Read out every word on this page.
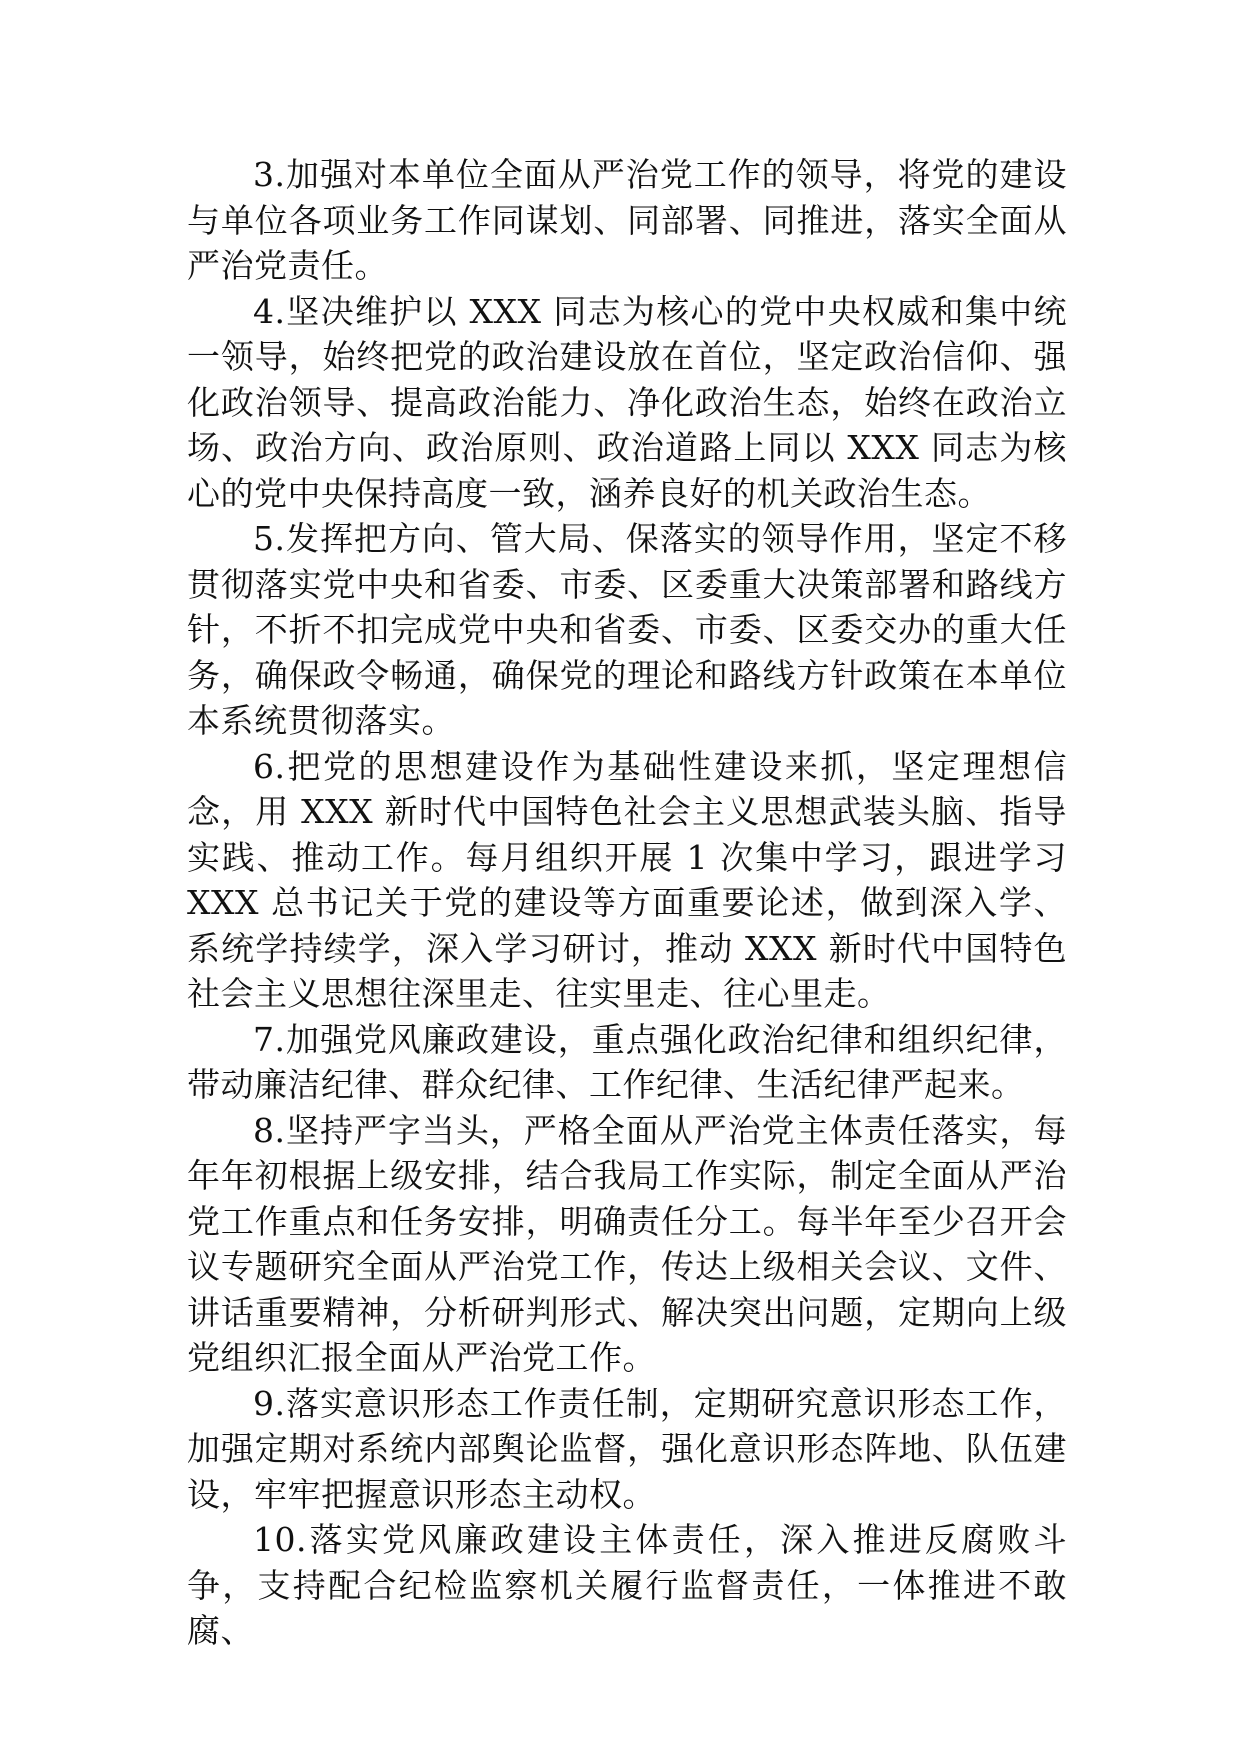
3.加强对本单位全面从严治党工作的领导，将党的建设与单位各项业务工作同谋划、同部署、同推进，落实全面从严治党责任。

4.坚决维护以 XXX 同志为核心的党中央权威和集中统一领导，始终把党的政治建设放在首位，坚定政治信仰、强化政治领导、提高政治能力、净化政治生态，始终在政治立场、政治方向、政治原则、政治道路上同以 XXX 同志为核心的党中央保持高度一致，涵养良好的机关政治生态。

5.发挥把方向、管大局、保落实的领导作用，坚定不移贯彻落实党中央和省委、市委、区委重大决策部署和路线方针，不折不扣完成党中央和省委、市委、区委交办的重大任务，确保政令畅通，确保党的理论和路线方针政策在本单位本系统贯彻落实。

6.把党的思想建设作为基础性建设来抓，坚定理想信念，用 XXX 新时代中国特色社会主义思想武装头脑、指导实践、推动工作。每月组织开展 1 次集中学习，跟进学习 XXX 总书记关于党的建设等方面重要论述，做到深入学、系统学持续学，深入学习研讨，推动 XXX 新时代中国特色社会主义思想往深里走、往实里走、往心里走。

7.加强党风廉政建设，重点强化政治纪律和组织纪律，带动廉洁纪律、群众纪律、工作纪律、生活纪律严起来。

8.坚持严字当头，严格全面从严治党主体责任落实，每年年初根据上级安排，结合我局工作实际，制定全面从严治党工作重点和任务安排，明确责任分工。每半年至少召开会议专题研究全面从严治党工作，传达上级相关会议、文件、讲话重要精神，分析研判形式、解决突出问题，定期向上级党组织汇报全面从严治党工作。

9.落实意识形态工作责任制，定期研究意识形态工作，加强定期对系统内部舆论监督，强化意识形态阵地、队伍建设，牢牢把握意识形态主动权。

10.落实党风廉政建设主体责任，深入推进反腐败斗争，支持配合纪检监察机关履行监督责任，一体推进不敢腐、
